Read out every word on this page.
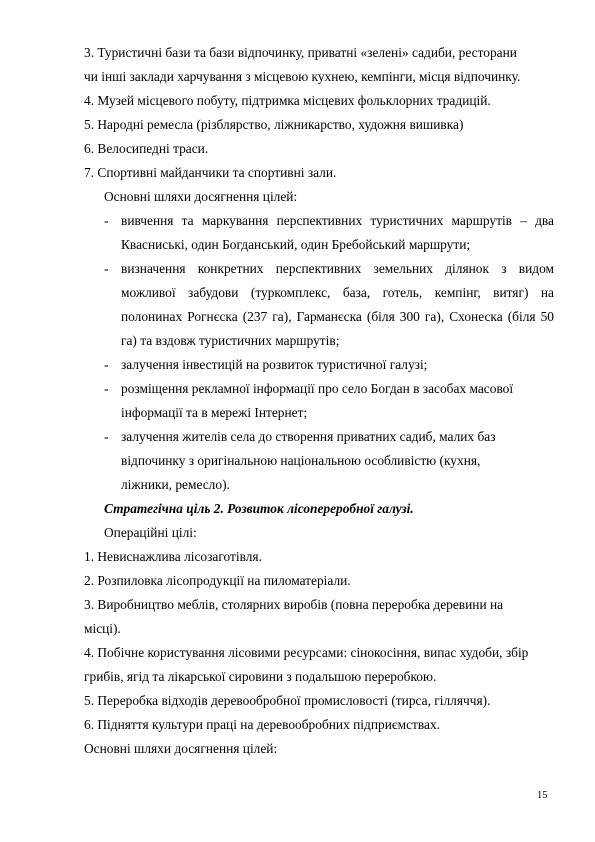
3. Туристичні бази та бази відпочинку, приватні «зелені» садиби, ресторани
чи інші заклади харчування з місцевою кухнею, кемпінги, місця відпочинку.
4. Музей місцевого побуту, підтримка місцевих фольклорних традицій.
5. Народні ремесла (різблярство, ліжникарство, художня вишивка)
6. Велосипедні траси.
7. Спортивні майданчики та спортивні зали.
Основні шляхи досягнення цілей:
- вивчення та маркування перспективних туристичних маршрутів – два
Квасниські, один Богданський, один Бребойський маршрути;
- визначення конкретних перспективних земельних ділянок з видом
можливої забудови (туркомплекс, база, готель, кемпінг, витяг) на
полонинах Рогнєска (237 га), Гарманєска (біля 300 га), Схонеска (біля 50
га) та вздовж туристичних маршрутів;
- залучення інвестицій на розвиток туристичної галузі;
- розміщення рекламної інформації про село Богдан в засобах масової
інформації та в мережі Інтернет;
- залучення жителів села до створення приватних садиб, малих баз
відпочинку з оригінальною національною особливістю (кухня,
ліжники, ремесло).
Стратегічна ціль 2. Розвиток лісопереробної галузі.
Операційні цілі:
1. Невиснажлива лісозаготівля.
2. Розпиловка лісопродукції на пиломатеріали.
3. Виробництво меблів, столярних виробів (повна переробка деревини на
місці).
4. Побічне користування лісовими ресурсами: сінокосіння, випас худоби, збір
грибів, ягід та лікарської сировини з подальшою переробкою.
5. Переробка відходів деревообробної промисловості (тирса, гілляччя).
6. Підняття культури праці на деревообробних підприємствах.
Основні шляхи досягнення цілей:
15
